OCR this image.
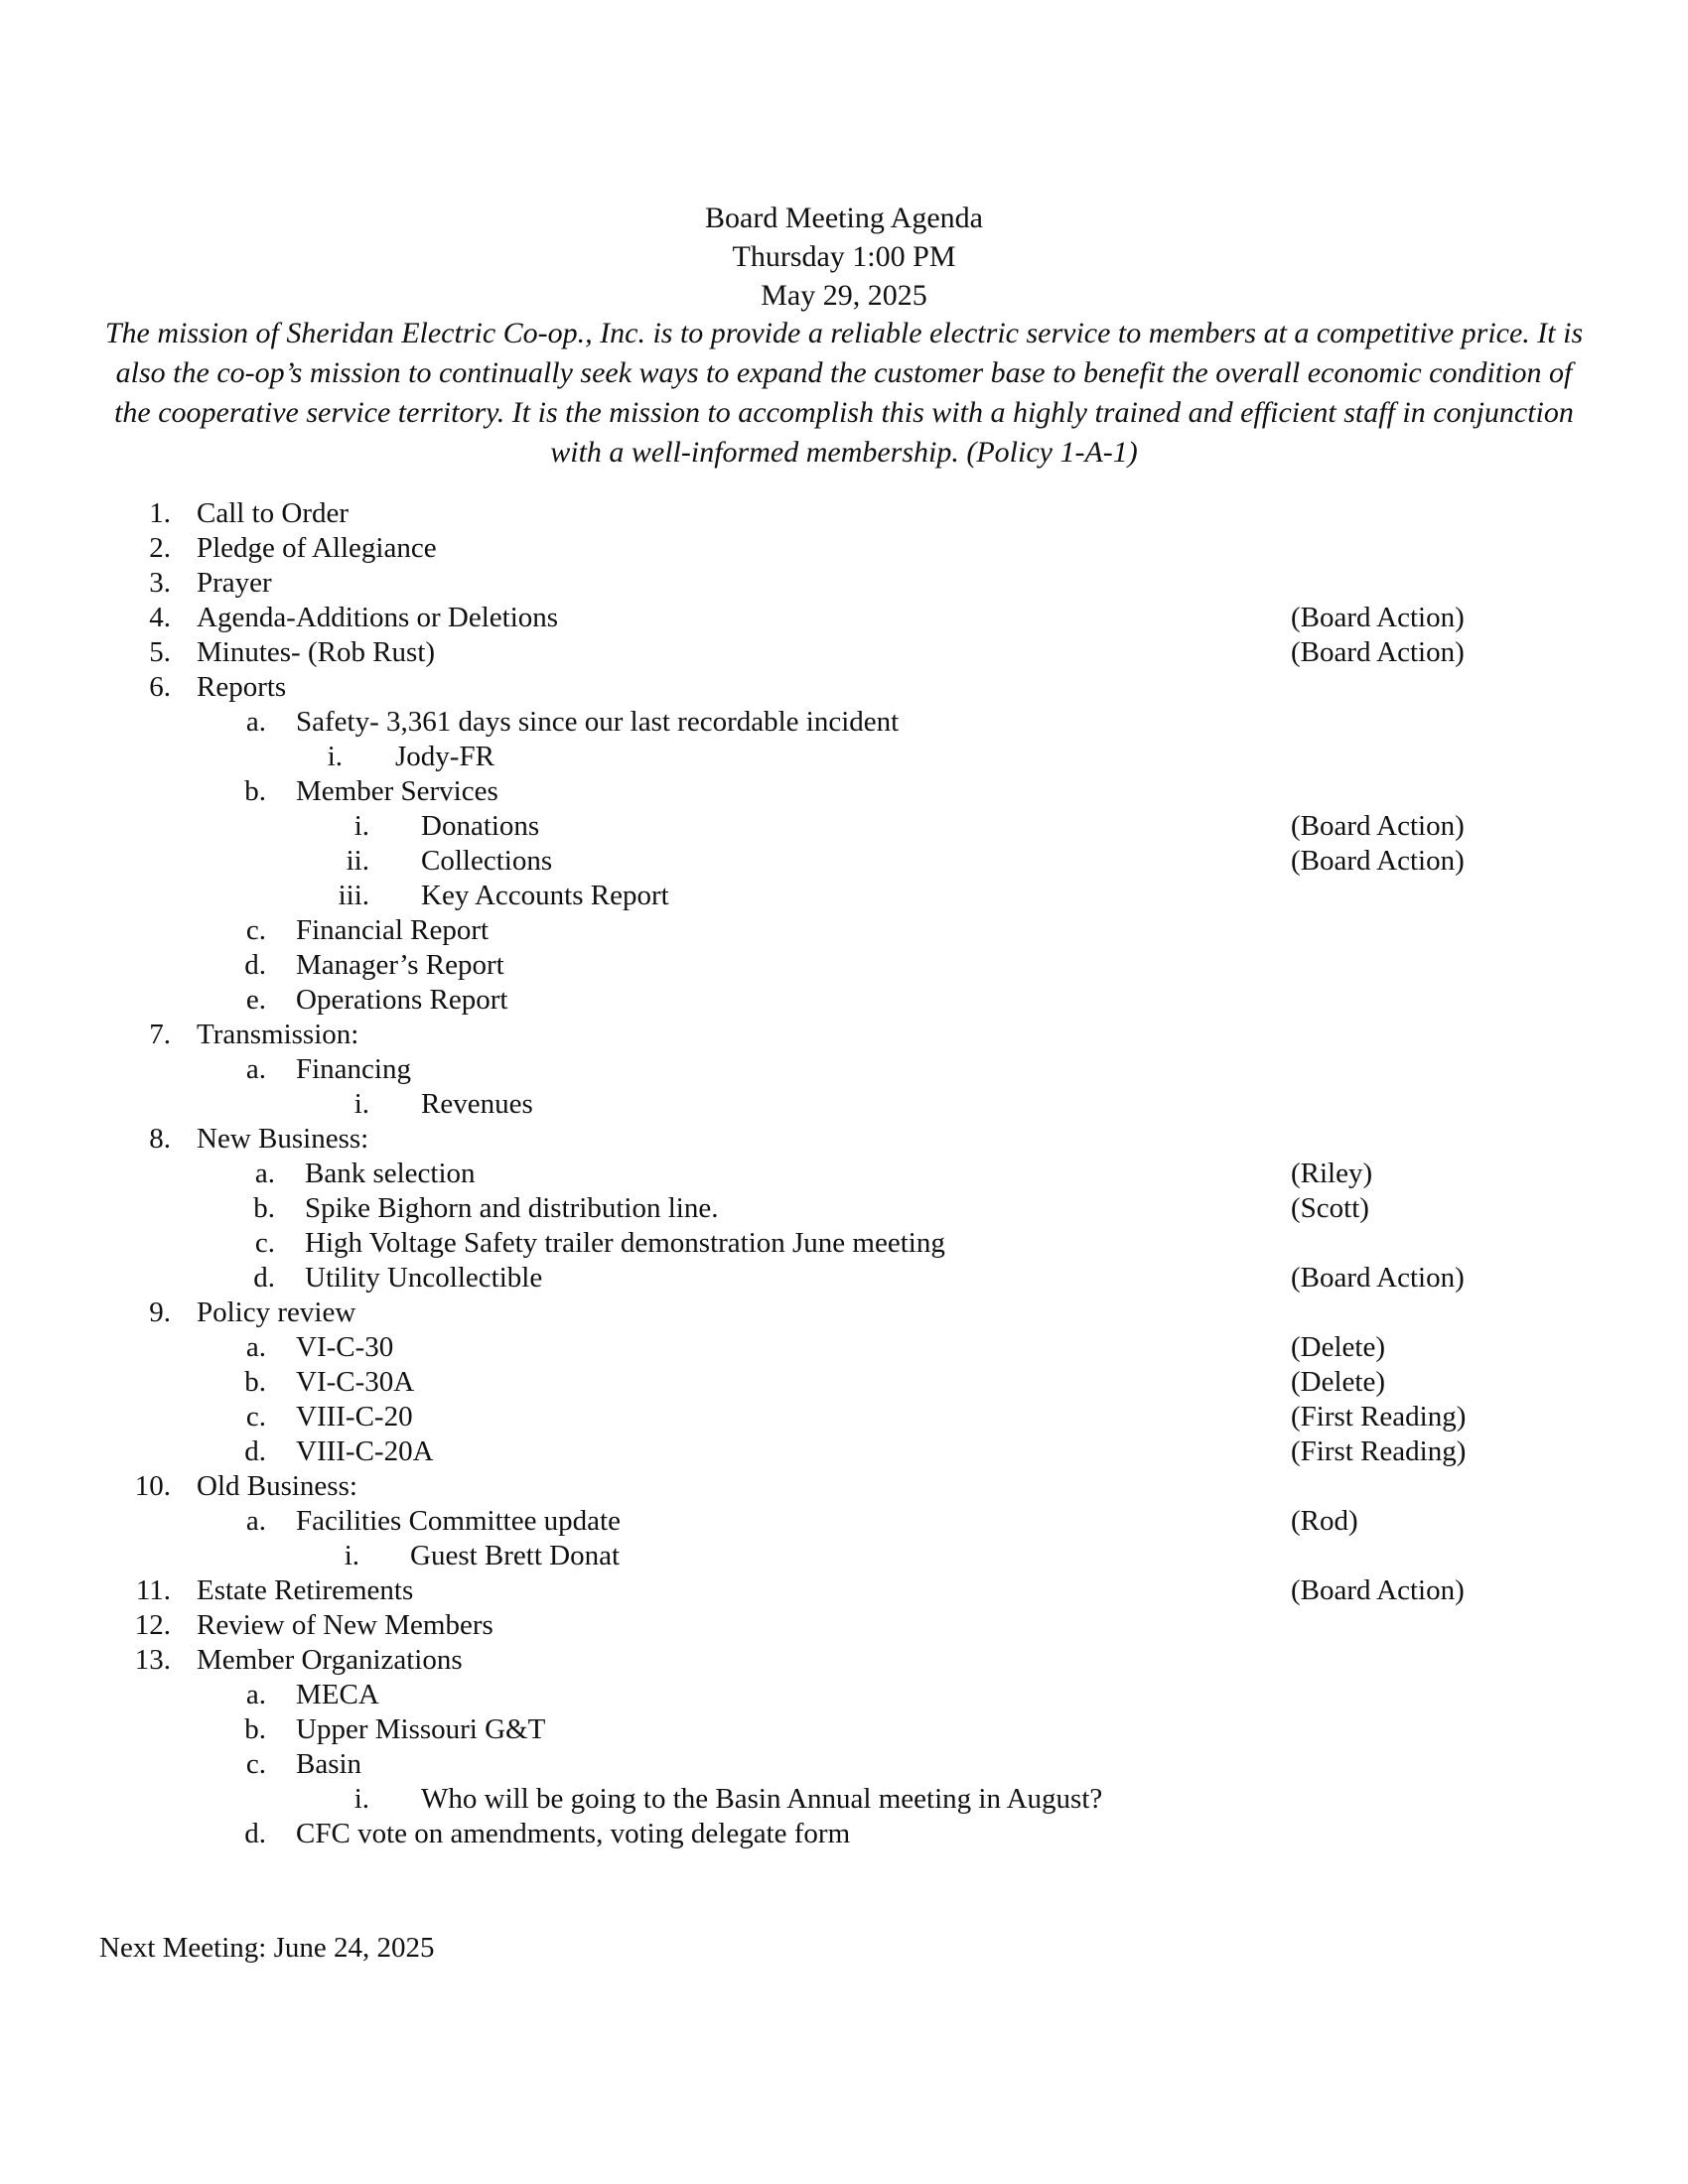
Board Meeting Agenda
Thursday 1:00 PM
May 29, 2025
The mission of Sheridan Electric Co-op., Inc. is to provide a reliable electric service to members at a competitive price. It is also the co-op’s mission to continually seek ways to expand the customer base to benefit the overall economic condition of the cooperative service territory. It is the mission to accomplish this with a highly trained and efficient staff in conjunction with a well-informed membership. (Policy 1-A-1)
1. Call to Order
2. Pledge of Allegiance
3. Prayer
4. Agenda-Additions or Deletions	(Board Action)
5. Minutes- (Rob Rust)	(Board Action)
6. Reports
a. Safety- 3,361 days since our last recordable incident
i. Jody-FR
b. Member Services
i. Donations	(Board Action)
ii. Collections	(Board Action)
iii. Key Accounts Report
c. Financial Report
d. Manager’s Report
e. Operations Report
7. Transmission:
a. Financing
i. Revenues
8. New Business:
a. Bank selection	(Riley)
b. Spike Bighorn and distribution line.	(Scott)
c. High Voltage Safety trailer demonstration June meeting
d. Utility Uncollectible	(Board Action)
9. Policy review
a. VI-C-30	(Delete)
b. VI-C-30A	(Delete)
c. VIII-C-20	(First Reading)
d. VIII-C-20A	(First Reading)
10. Old Business:
a. Facilities Committee update	(Rod)
i. Guest Brett Donat
11. Estate Retirements	(Board Action)
12. Review of New Members
13. Member Organizations
a. MECA
b. Upper Missouri G&T
c. Basin
i. Who will be going to the Basin Annual meeting in August?
d. CFC vote on amendments, voting delegate form
Next Meeting: June 24, 2025
